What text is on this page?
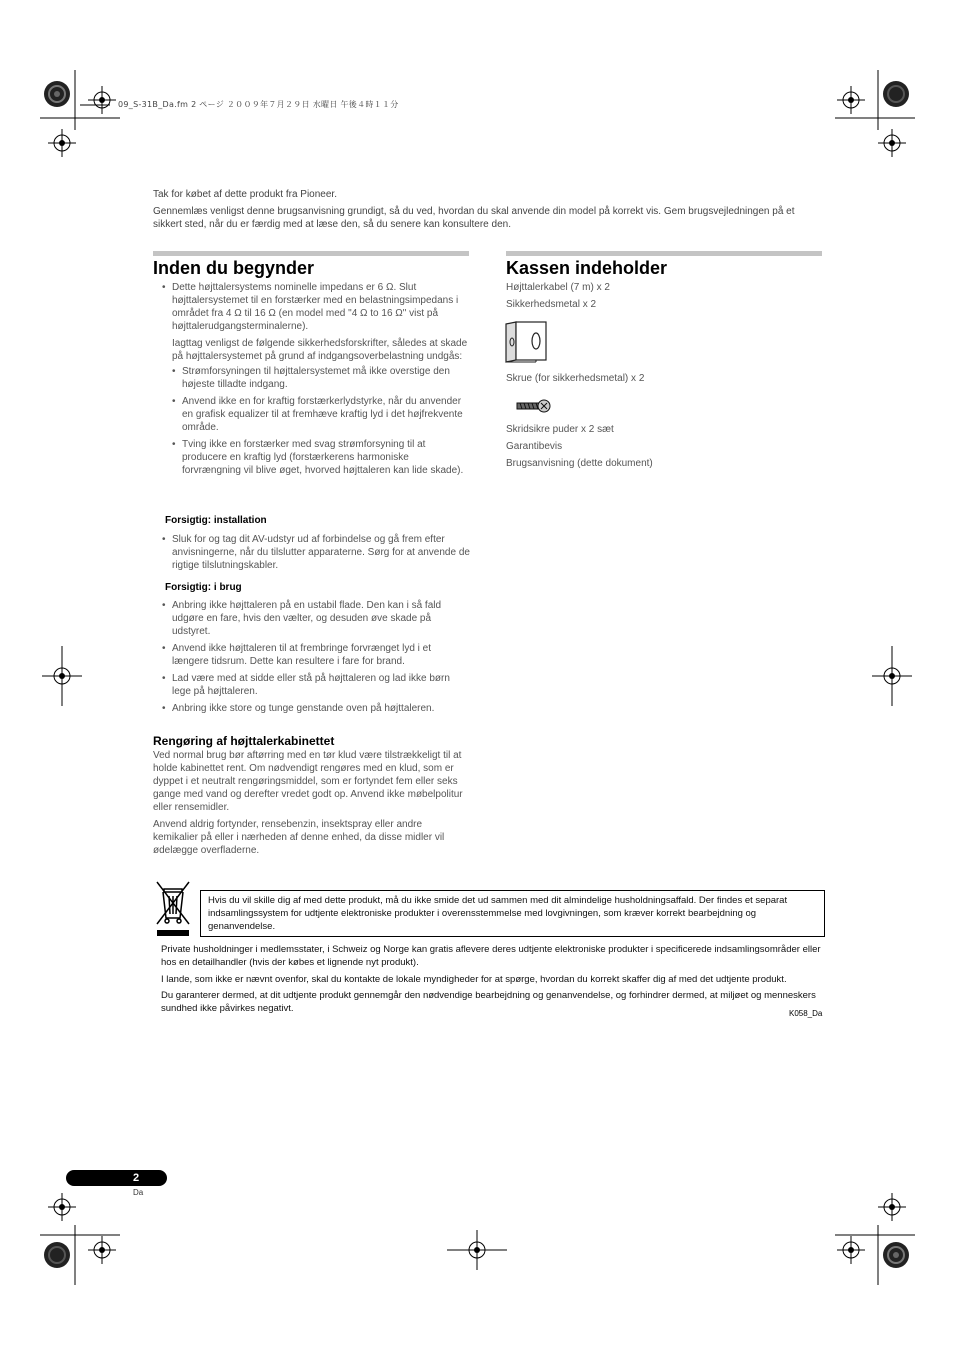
09_S-31B_Da.fm 2 ページ ２００９年７月２９日 水曜日 午後４時１１分
Tak for købet af dette produkt fra Pioneer.
Gennemlæs venligst denne brugsanvisning grundigt, så du ved, hvordan du skal anvende din model på korrekt vis. Gem brugsvejledningen på et sikkert sted, når du er færdig med at læse den, så du senere kan konsultere den.
Inden du begynder
• Dette højttalersystems nominelle impedans er 6 Ω. Slut højttalersystemet til en forstærker med en belastningsimpedans i området fra 4 Ω til 16 Ω (en model med "4 Ω to 16 Ω" vist på højttalerudgangsterminalerne).
Iagttag venligst de følgende sikkerhedsforskrifter, således at skade på højttalersystemet på grund af indgangsoverbelastning undgås:
• Strømforsyningen til højttalersystemet må ikke overstige den højeste tilladte indgang.
• Anvend ikke en for kraftig forstærkerlydstyrke, når du anvender en grafisk equalizer til at fremhæve kraftig lyd i det højfrekvente område.
• Tving ikke en forstærker med svag strømforsyning til at producere en kraftig lyd (forstærkerens harmoniske forvrængning vil blive øget, hvorved højttaleren kan lide skade).
Forsigtig: installation
• Sluk for og tag dit AV-udstyr ud af forbindelse og gå frem efter anvisningerne, når du tilslutter apparaterne. Sørg for at anvende de rigtige tilslutningskabler.
Forsigtig: i brug
• Anbring ikke højttaleren på en ustabil flade. Den kan i så fald udgøre en fare, hvis den vælter, og desuden øve skade på udstyret.
• Anvend ikke højttaleren til at frembringe forvrænget lyd i et længere tidsrum. Dette kan resultere i fare for brand.
• Lad være med at sidde eller stå på højttaleren og lad ikke børn lege på højttaleren.
• Anbring ikke store og tunge genstande oven på højttaleren.
Rengøring af højttalerkabinettet
Ved normal brug bør aftørring med en tør klud være tilstrækkeligt til at holde kabinettet rent. Om nødvendigt rengøres med en klud, som er dyppet i et neutralt rengøringsmiddel, som er fortyndet fem eller seks gange med vand og derefter vredet godt op. Anvend ikke møbelpolitur eller rensemidler.
Anvend aldrig fortynder, rensebenzin, insektspray eller andre kemikalier på eller i nærheden af denne enhed, da disse midler vil ødelægge overfladerne.
Kassen indeholder
Højttalerkabel (7 m) x 2
Sikkerhedsmetal x 2
Skrue (for sikkerhedsmetal) x 2
Skridsikre puder x 2 sæt
Garantibevis
Brugsanvisning (dette dokument)
Hvis du vil skille dig af med dette produkt, må du ikke smide det ud sammen med dit almindelige husholdningsaffald. Der findes et separat indsamlingssystem for udtjente elektroniske produkter i overensstemmelse med lovgivningen, som kræver korrekt bearbejdning og genanvendelse.
Private husholdninger i medlemsstater, i Schweiz og Norge kan gratis aflevere deres udtjente elektroniske produkter i specificerede indsamlingsområder eller hos en detailhandler (hvis der købes et lignende nyt produkt).
I lande, som ikke er nævnt ovenfor, skal du kontakte de lokale myndigheder for at spørge, hvordan du korrekt skaffer dig af med det udtjente produkt.
Du garanterer dermed, at dit udtjente produkt gennemgår den nødvendige bearbejdning og genanvendelse, og forhindrer dermed, at miljøet og menneskers sundhed ikke påvirkes negativt.	K058_Da
2
Da
